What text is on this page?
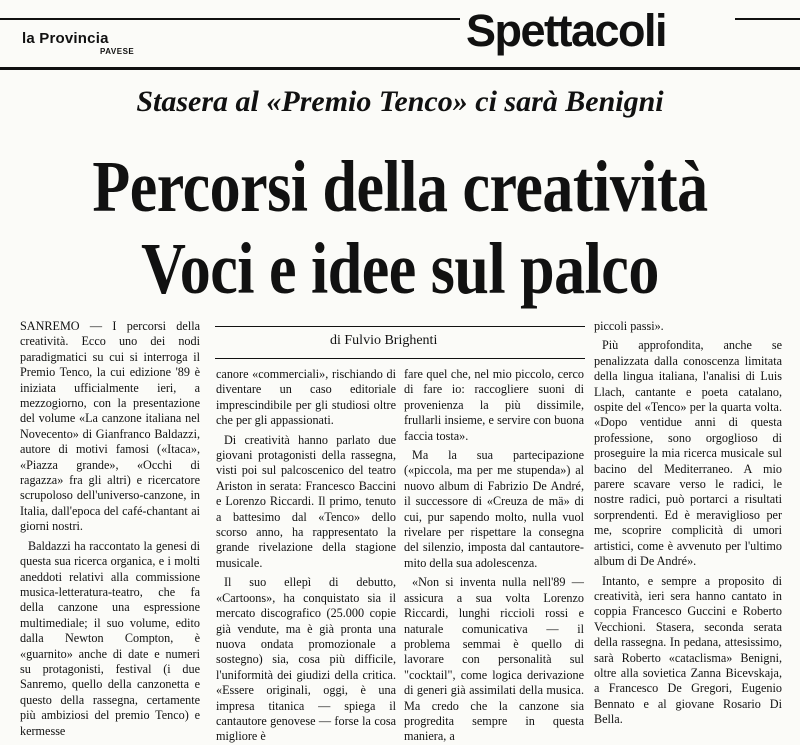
la Provincia
PAVESE	Spettacoli
Stasera al «Premio Tenco» ci sarà Benigni
Percorsi della creatività
Voci e idee sul palco

SANREMO — I percorsi della creatività. Ecco uno dei nodi paradigmatici su cui si interroga il Premio Tenco, la cui edizione '89 è iniziata ufficialmente ieri, a mezzogiorno, con la presentazione del volume «La canzone italiana nel Novecento» di Gianfranco Baldazzi, autore di motivi famosi («Itaca», «Piazza grande», «Occhi di ragazza» fra gli altri) e ricercatore scrupoloso dell'universo-canzone, in Italia, dall'epoca del café-chantant ai giorni nostri.

Baldazzi ha raccontato la genesi di questa sua ricerca organica, e i molti aneddoti relativi alla commissione musica-letteratura-teatro, che fa della canzone una espressione multimediale; il suo volume, edito dalla Newton Compton, è «guarnito» anche di date e numeri su protagonisti, festival (i due Sanremo, quello della canzonetta e questo della rassegna, certamente più ambiziosi del premio Tenco) e kermesse

di Fulvio Brighenti

canore «commerciali», rischiando di diventare un caso editoriale imprescindibile per gli studiosi oltre che per gli appassionati.

Di creatività hanno parlato due giovani protagonisti della rassegna, visti poi sul palcoscenico del teatro Ariston in serata: Francesco Baccini e Lorenzo Riccardi. Il primo, tenuto a battesimo dal «Tenco» dello scorso anno, ha rappresentato la grande rivelazione della stagione musicale.

Il suo ellepì di debutto, «Cartoons», ha conquistato sia il mercato discografico (25.000 copie già vendute, ma è già pronta una nuova ondata promozionale a sostegno) sia, cosa più difficile, l'uniformità dei giudizi della critica. «Essere originali, oggi, è una impresa titanica — spiega il cantautore genovese — forse la cosa migliore è

fare quel che, nel mio piccolo, cerco di fare io: raccogliere suoni di provenienza la più dissimile, frullarli insieme, e servire con buona faccia tosta».

Ma la sua partecipazione («piccola, ma per me stupenda») al nuovo album di Fabrizio De André, il successore di «Creuza de mä» di cui, pur sapendo molto, nulla vuol rivelare per rispettare la consegna del silenzio, imposta dal cantautore-mito della sua adolescenza.

«Non si inventa nulla nell'89 — assicura a sua volta Lorenzo Riccardi, lunghi riccioli rossi e naturale comunicativa — il problema semmai è quello di lavorare con personalità sul "cocktail", come logica derivazione di generi già assimilati della musica. Ma credo che la canzone sia progredita sempre in questa maniera, a

piccoli passi».

Più approfondita, anche se penalizzata dalla conoscenza limitata della lingua italiana, l'analisi di Luis Llach, cantante e poeta catalano, ospite del «Tenco» per la quarta volta. «Dopo ventidue anni di questa professione, sono orgoglioso di proseguire la mia ricerca musicale sul bacino del Mediterraneo. A mio parere scavare verso le radici, le nostre radici, può portarci a risultati sorprendenti. Ed è meraviglioso per me, scoprire complicità di umori artistici, come è avvenuto per l'ultimo album di De André».

Intanto, e sempre a proposito di creatività, ieri sera hanno cantato in coppia Francesco Guccini e Roberto Vecchioni. Stasera, seconda serata della rassegna. In pedana, attesissimo, sarà Roberto «cataclisma» Benigni, oltre alla sovietica Zanna Bicevskaja, a Francesco De Gregori, Eugenio Bennato e al giovane Rosario Di Bella.
